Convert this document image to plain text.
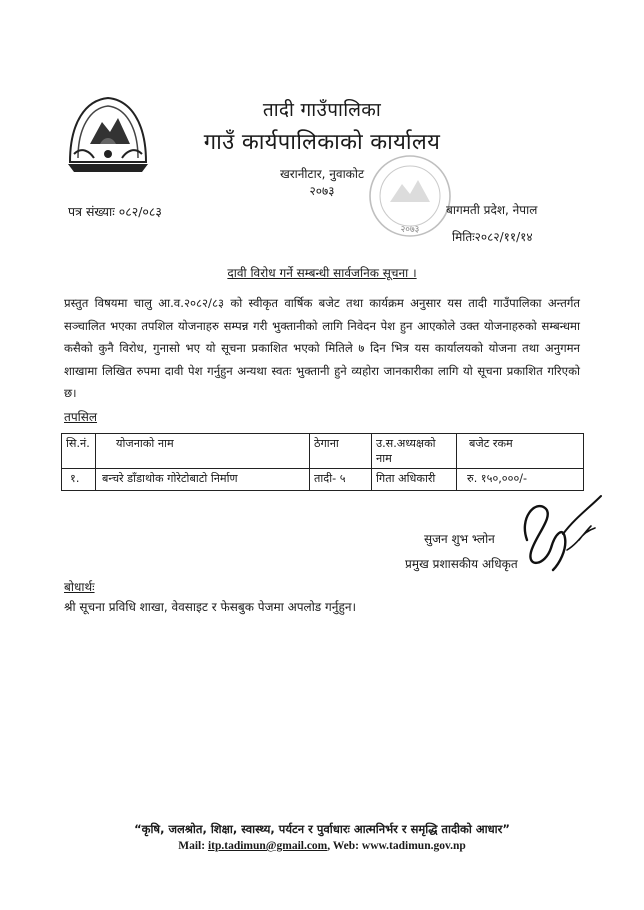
तादी गाउँपालिका
गाउँ कार्यपालिकाको कार्यालय
खरानीटार, नुवाकोट
२०७३
२०७३
पत्र संख्याः ०८२/०८३	बागमती प्रदेश, नेपाल
मितिः२०८२/११/१४
दावी विरोध गर्ने सम्बन्धी सार्वजनिक सूचना ।
प्रस्तुत विषयमा चालु आ.व.२०८२/८३ को स्वीकृत वार्षिक बजेट तथा कार्यक्रम अनुसार यस तादी गाउँपालिका अन्तर्गत सञ्चालित भएका तपशिल योजनाहरु सम्पन्न गरी भुक्तानीको लागि निवेदन पेश हुन आएकोले उक्त योजनाहरुको सम्बन्धमा कसैको कुनै विरोध, गुनासो भए यो सूचना प्रकाशित भएको मितिले ७ दिन भित्र यस कार्यालयको योजना तथा अनुगमन शाखामा लिखित रुपमा दावी पेश गर्नुहुन अन्यथा स्वतः भुक्तानी हुने व्यहोरा जानकारीका लागि यो सूचना प्रकाशित गरिएको छ।
तपसिल
सि.नं.	योजनाको नाम	ठेगाना	उ.स.अध्यक्षको नाम	बजेट रकम
१.	बन्चरे डाँडाथोक गोरेटोबाटो निर्माण	तादी- ५	गिता अधिकारी	रु. १५०,०००/-
सुजन शुभ भ्लोन
प्रमुख प्रशासकीय अधिकृत
बोधार्थः
श्री सूचना प्रविधि शाखा, वेवसाइट र फेसबुक पेजमा अपलोड गर्नुहुन।
“कृषि, जलश्रोत, शिक्षा, स्वास्थ्य, पर्यटन र पुर्वाधारः आत्मनिर्भर र समृद्धि तादीको आधार”
Mail: itp.tadimun@gmail.com, Web: www.tadimun.gov.np
